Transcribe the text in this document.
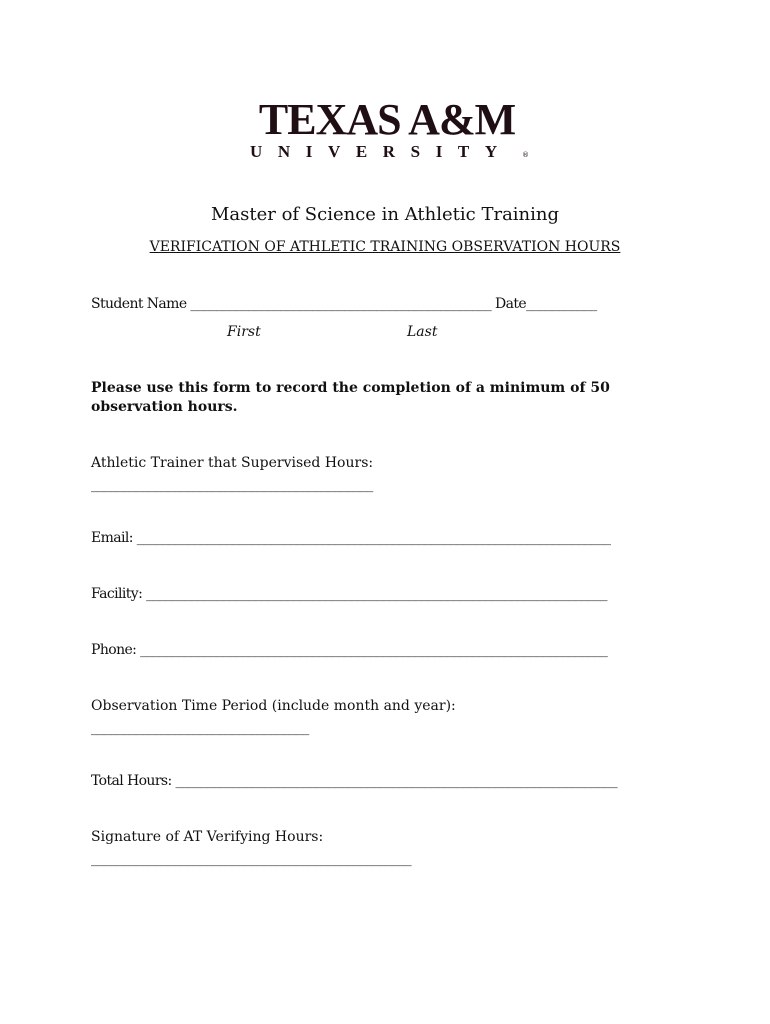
TEXAS A&M
UNIVERSITY	®
Master of Science in Athletic Training
VERIFICATION OF ATHLETIC TRAINING OBSERVATION HOURS
Student Name _______________________________________________ Date___________
First	Last
Please use this form to record the completion of a minimum of 50
observation hours.
Athletic Trainer that Supervised Hours:
____________________________________________
Email: __________________________________________________________________________
Facility: ________________________________________________________________________
Phone: _________________________________________________________________________
Observation Time Period (include month and year):
__________________________________
Total Hours: _____________________________________________________________________
Signature of AT Verifying Hours:
__________________________________________________
